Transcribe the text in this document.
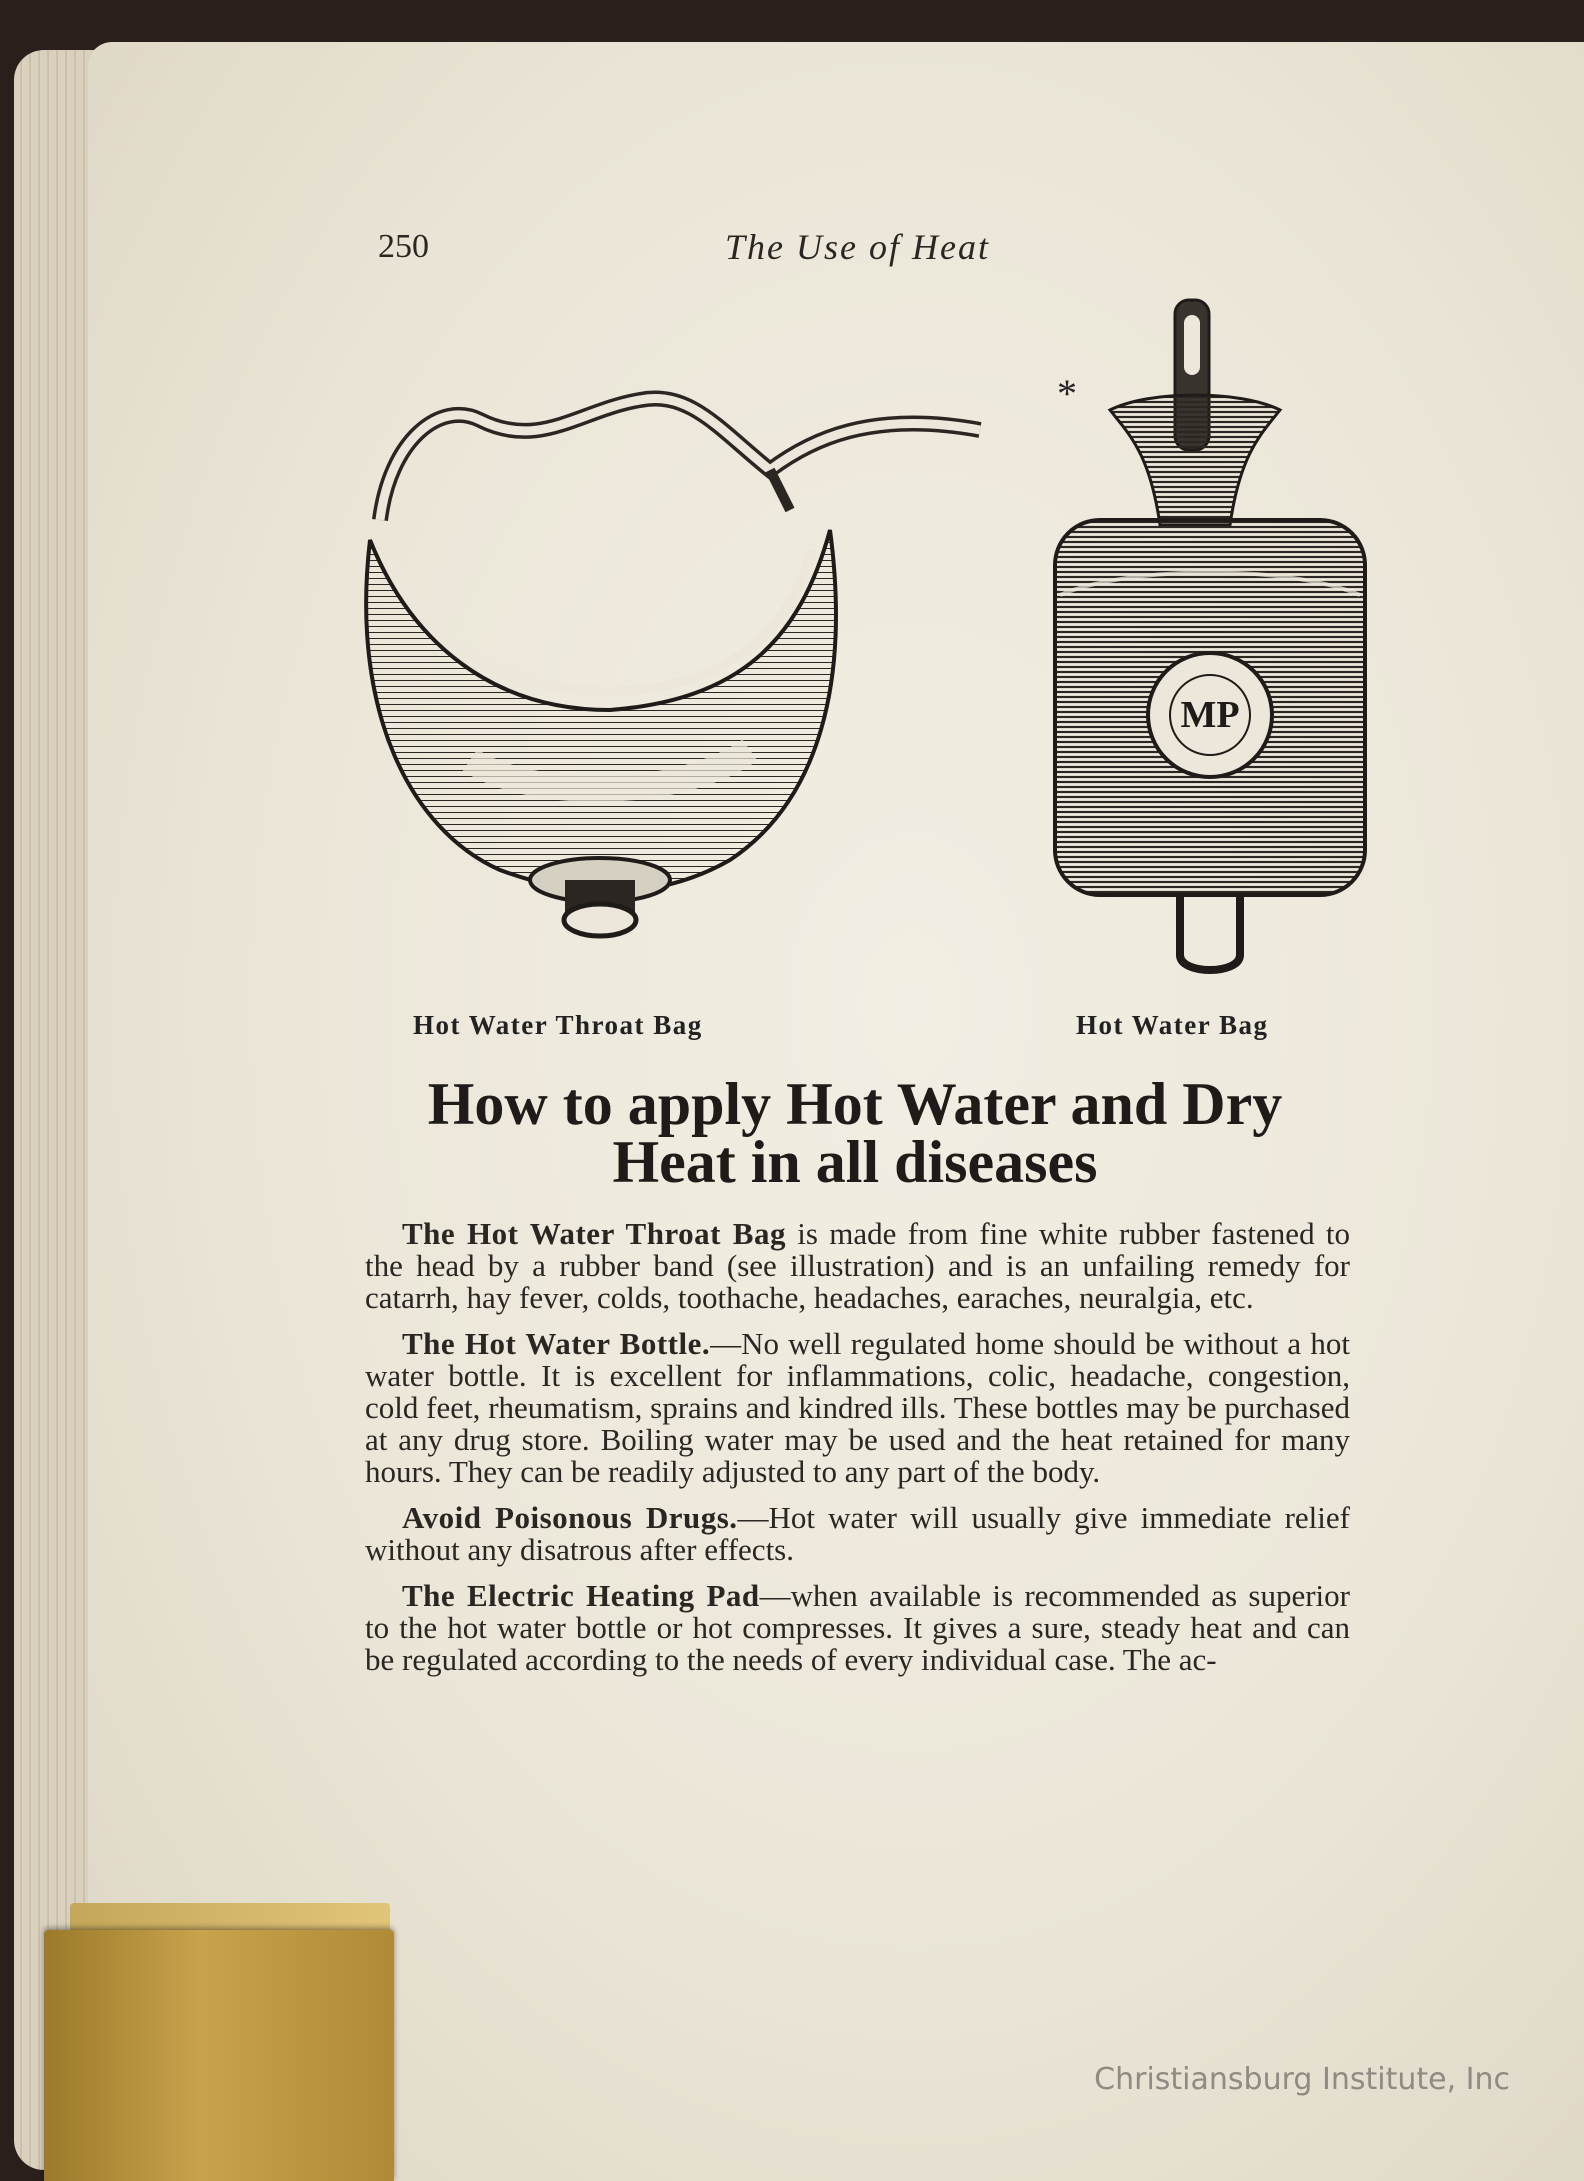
250	The Use of Heat
*
MP
Hot Water Throat Bag	Hot Water Bag
How to apply Hot Water and Dry
Heat in all diseases

The Hot Water Throat Bag is made from fine white rubber fastened to the head by a rubber band (see illustration) and is an unfailing remedy for catarrh, hay fever, colds, toothache, headaches, earaches, neuralgia, etc.

The Hot Water Bottle.—No well regulated home should be without a hot water bottle. It is excellent for inflammations, colic, headache, congestion, cold feet, rheumatism, sprains and kindred ills. These bottles may be purchased at any drug store. Boiling water may be used and the heat retained for many hours. They can be readily adjusted to any part of the body.

Avoid Poisonous Drugs.—Hot water will usually give immediate relief without any disatrous after effects.

The Electric Heating Pad—when available is recommended as superior to the hot water bottle or hot compresses. It gives a sure, steady heat and can be regulated according to the needs of every individual case. The ac-

Christiansburg Institute, Inc
